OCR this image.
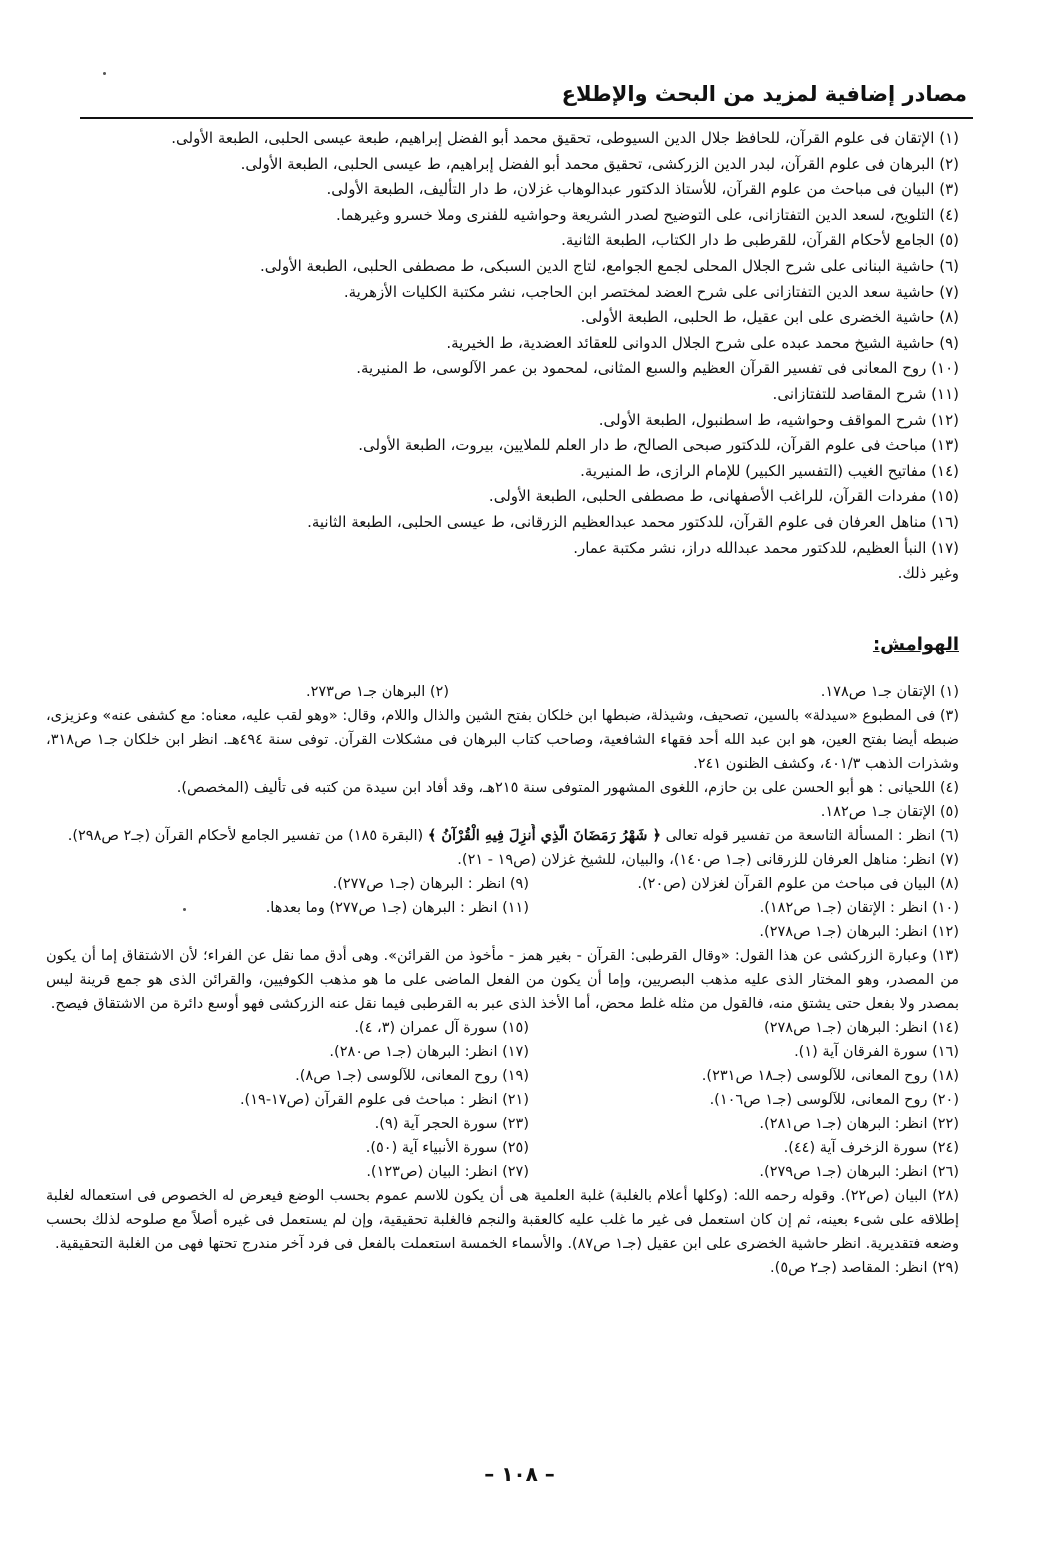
مصادر إضافية لمزيد من البحث والإطلاع
(١) الإتقان فى علوم القرآن، للحافظ جلال الدين السيوطى، تحقيق محمد أبو الفضل إبراهيم، طبعة عيسى الحلبى، الطبعة الأولى.
(٢) البرهان فى علوم القرآن، لبدر الدين الزركشى، تحقيق محمد أبو الفضل إبراهيم، ط عيسى الحلبى، الطبعة الأولى.
(٣) البيان فى مباحث من علوم القرآن، للأستاذ الدكتور عبدالوهاب غزلان، ط دار التأليف، الطبعة الأولى.
(٤) التلويح، لسعد الدين التفتازانى، على التوضيح لصدر الشريعة وحواشيه للفنرى وملا خسرو وغيرهما.
(٥) الجامع لأحكام القرآن، للقرطبى ط دار الكتاب، الطبعة الثانية.
(٦) حاشية البنانى على شرح الجلال المحلى لجمع الجوامع، لتاج الدين السبكى، ط مصطفى الحلبى، الطبعة الأولى.
(٧) حاشية سعد الدين التفتازانى على شرح العضد لمختصر ابن الحاجب، نشر مكتبة الكليات الأزهرية.
(٨) حاشية الخضرى على ابن عقيل، ط الحلبى، الطبعة الأولى.
(٩) حاشية الشيخ محمد عبده على شرح الجلال الدوانى للعقائد العضدية، ط الخيرية.
(١٠) روح المعانى فى تفسير القرآن العظيم والسبع المثانى، لمحمود بن عمر الآلوسى، ط المنيرية.
(١١) شرح المقاصد للتفتازانى.
(١٢) شرح المواقف وحواشيه، ط اسطنبول، الطبعة الأولى.
(١٣) مباحث فى علوم القرآن، للدكتور صبحى الصالح، ط دار العلم للملايين، بيروت، الطبعة الأولى.
(١٤) مفاتيح الغيب (التفسير الكبير) للإمام الرازى، ط المنيرية.
(١٥) مفردات القرآن، للراغب الأصفهانى، ط مصطفى الحلبى، الطبعة الأولى.
(١٦) مناهل العرفان فى علوم القرآن، للدكتور محمد عبدالعظيم الزرقانى، ط عيسى الحلبى، الطبعة الثانية.
(١٧) النبأ العظيم، للدكتور محمد عبدالله دراز، نشر مكتبة عمار.
وغير ذلك.
الهوامش:
(١) الإتقان جـ١ ص١٧٨.
(٢) البرهان جـ١ ص٢٧٣.
(٣) فى المطبوع «سيدلة» بالسين، تصحيف، وشيذلة، ضبطها ابن خلكان بفتح الشين والذال واللام، وقال: «وهو لقب عليه، معناه: مع كشفى عنه» وعزيزى، ضبطه أيضا بفتح العين، هو ابن عبد الله أحد فقهاء الشافعية، وصاحب كتاب البرهان فى مشكلات القرآن. توفى سنة ٤٩٤هـ. انظر ابن خلكان جـ١ ص٣١٨، وشذرات الذهب ٤٠١/٣، وكشف الظنون ٢٤١.
(٤) اللحيانى : هو أبو الحسن على بن حازم، اللغوى المشهور المتوفى سنة ٢١٥هـ، وقد أفاد ابن سيدة من كتبه فى تأليف (المخصص).
(٥) الإتقان جـ١ ص١٨٢.
(٦) انظر : المسألة التاسعة من تفسير قوله تعالى ﴿ شَهْرُ رَمَضَانَ الَّذِي أُنزِلَ فِيهِ الْقُرْآنُ ﴾ (البقرة ١٨٥) من تفسير الجامع لأحكام القرآن (جـ٢ ص٢٩٨).
(٧) انظر: مناهل العرفان للزرقانى (جـ١ ص١٤٠)، والبيان، للشيخ غزلان (ص١٩ - ٢١).
(٨) البيان فى مباحث من علوم القرآن لغزلان (ص٢٠).
(٩) انظر : البرهان (جـ١ ص٢٧٧).
(١٠) انظر : الإتقان (جـ١ ص١٨٢).
(١١) انظر : البرهان (جـ١ ص٢٧٧) وما بعدها.
(١٢) انظر: البرهان (جـ١ ص٢٧٨).
(١٣) وعبارة الزركشى عن هذا القول: «وقال القرطبى: القرآن - بغير همز - مأخوذ من القرائن». وهى أدق مما نقل عن الفراء؛ لأن الاشتقاق إما أن يكون من المصدر، وهو المختار الذى عليه مذهب البصريين، وإما أن يكون من الفعل الماضى على ما هو مذهب الكوفيين، والقرائن الذى هو جمع قرينة ليس بمصدر ولا بفعل حتى يشتق منه، فالقول من مثله غلط محض، أما الأخذ الذى عبر به القرطبى فيما نقل عنه الزركشى فهو أوسع دائرة من الاشتقاق فيصح.
(١٤) انظر: البرهان (جـ١ ص٢٧٨)
(١٥) سورة آل عمران (٣، ٤).
(١٦) سورة الفرقان آية (١).
(١٧) انظر: البرهان (جـ١ ص٢٨٠).
(١٨) روح المعانى، للآلوسى (جـ١٨ ص٢٣١).
(١٩) روح المعانى، للآلوسى (جـ١ ص٨).
(٢٠) روح المعانى، للآلوسى (جـ١ ص١٠٦).
(٢١) انظر : مباحث فى علوم القرآن (ص١٧-١٩).
(٢٢) انظر: البرهان (جـ١ ص٢٨١).
(٢٣) سورة الحجر آية (٩).
(٢٤) سورة الزخرف آية (٤٤).
(٢٥) سورة الأنبياء آية (٥٠).
(٢٦) انظر: البرهان (جـ١ ص٢٧٩).
(٢٧) انظر: البيان (ص١٢٣).
(٢٨) البيان (ص٢٢). وقوله رحمه الله: (وكلها أعلام بالغلبة) غلبة العلمية هى أن يكون للاسم عموم بحسب الوضع فيعرض له الخصوص فى استعماله لغلبة إطلاقه على شىء بعينه، ثم إن كان استعمل فى غير ما غلب عليه كالعقبة والنجم فالغلبة تحقيقية، وإن لم يستعمل فى غيره أصلاً مع صلوحه لذلك بحسب وضعه فتقديرية. انظر حاشية الخضرى على ابن عقيل (جـ١ ص٨٧). والأسماء الخمسة استعملت بالفعل فى فرد آخر مندرج تحتها فهى من الغلبة التحقيقية.
(٢٩) انظر: المقاصد (جـ٢ ص٥).
– ١٠٨ –
